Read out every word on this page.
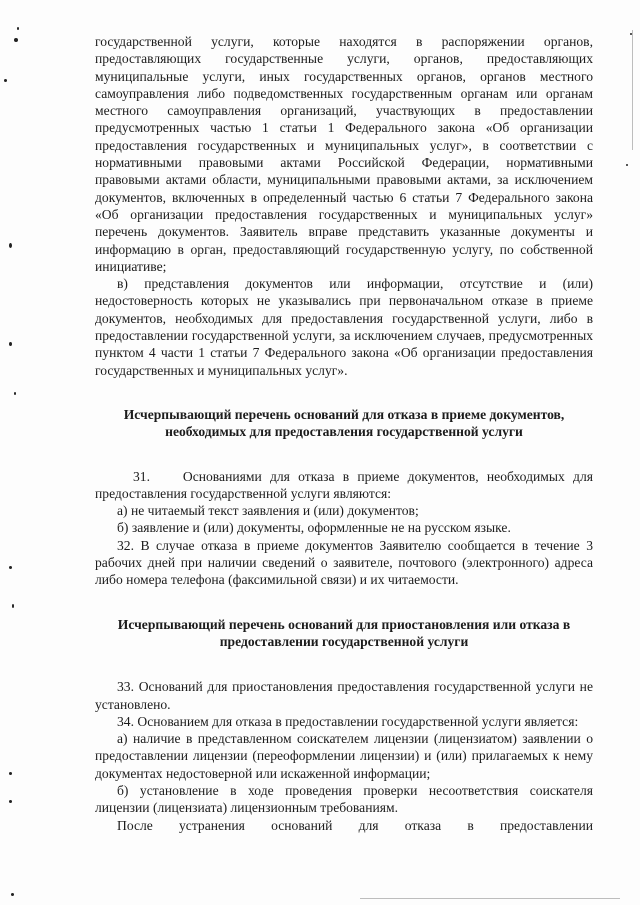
государственной услуги, которые находятся в распоряжении органов, предоставляющих государственные услуги, органов, предоставляющих муниципальные услуги, иных государственных органов, органов местного самоуправления либо подведомственных государственным органам или органам местного самоуправления организаций, участвующих в предоставлении предусмотренных частью 1 статьи 1 Федерального закона «Об организации предоставления государственных и муниципальных услуг», в соответствии с нормативными правовыми актами Российской Федерации, нормативными правовыми актами области, муниципальными правовыми актами, за исключением документов, включенных в определенный частью 6 статьи 7 Федерального закона «Об организации предоставления государственных и муниципальных услуг» перечень документов. Заявитель вправе представить указанные документы и информацию в орган, предоставляющий государственную услугу, по собственной инициативе;

в) представления документов или информации, отсутствие и (или) недостоверность которых не указывались при первоначальном отказе в приеме документов, необходимых для предоставления государственной услуги, либо в предоставлении государственной услуги, за исключением случаев, предусмотренных пунктом 4 части 1 статьи 7 Федерального закона «Об организации предоставления государственных и муниципальных услуг».

Исчерпывающий перечень оснований для отказа в приеме документов, необходимых для предоставления государственной услуги

31.    Основаниями для отказа в приеме документов, необходимых для предоставления государственной услуги являются:

а) не читаемый текст заявления и (или) документов;

б) заявление и (или) документы, оформленные не на русском языке.

32. В случае отказа в приеме документов Заявителю сообщается в течение 3 рабочих дней при наличии сведений о заявителе, почтового (электронного) адреса либо номера телефона (факсимильной связи) и их читаемости.

Исчерпывающий перечень оснований для приостановления или отказа в предоставлении государственной услуги

33. Оснований для приостановления предоставления государственной услуги не установлено.

34. Основанием для отказа в предоставлении государственной услуги является:

а) наличие в представленном соискателем лицензии (лицензиатом) заявлении о предоставлении лицензии (переоформлении лицензии) и (или) прилагаемых к нему документах недостоверной или искаженной информации;

б) установление в ходе проведения проверки несоответствия соискателя лицензии (лицензиата) лицензионным требованиям.

После устранения оснований для отказа в предоставлении
